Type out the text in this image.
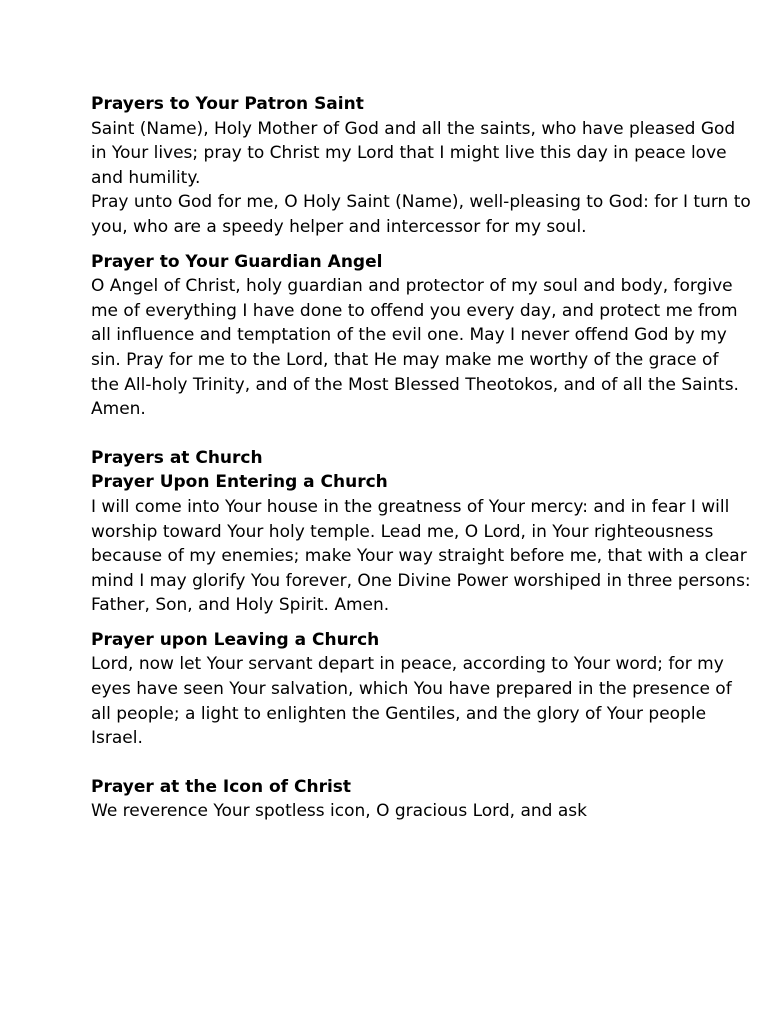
Prayers to Your Patron Saint

Saint (Name), Holy Mother of God and all the saints, who have pleased God in Your lives; pray to Christ my Lord that I might live this day in peace love and humility.

Pray unto God for me, O Holy Saint (Name), well-pleasing to God: for I turn to you, who are a speedy helper and intercessor for my soul.

Prayer to Your Guardian Angel

O Angel of Christ, holy guardian and protector of my soul and body, forgive me of everything I have done to offend you every day, and protect me from all influence and temptation of the evil one. May I never offend God by my sin. Pray for me to the Lord, that He may make me worthy of the grace of the All-holy Trinity, and of the Most Blessed Theotokos, and of all the Saints. Amen.

Prayers at Church

Prayer Upon Entering a Church

I will come into Your house in the greatness of Your mercy: and in fear I will worship toward Your holy temple. Lead me, O Lord, in Your righteousness because of my enemies; make Your way straight before me, that with a clear mind I may glorify You forever, One Divine Power worshiped in three persons: Father, Son, and Holy Spirit. Amen.

Prayer upon Leaving a Church

Lord, now let Your servant depart in peace, according to Your word; for my eyes have seen Your salvation, which You have prepared in the presence of all people; a light to enlighten the Gentiles, and the glory of Your people Israel.

Prayer at the Icon of Christ

We reverence Your spotless icon, O gracious Lord, and ask
